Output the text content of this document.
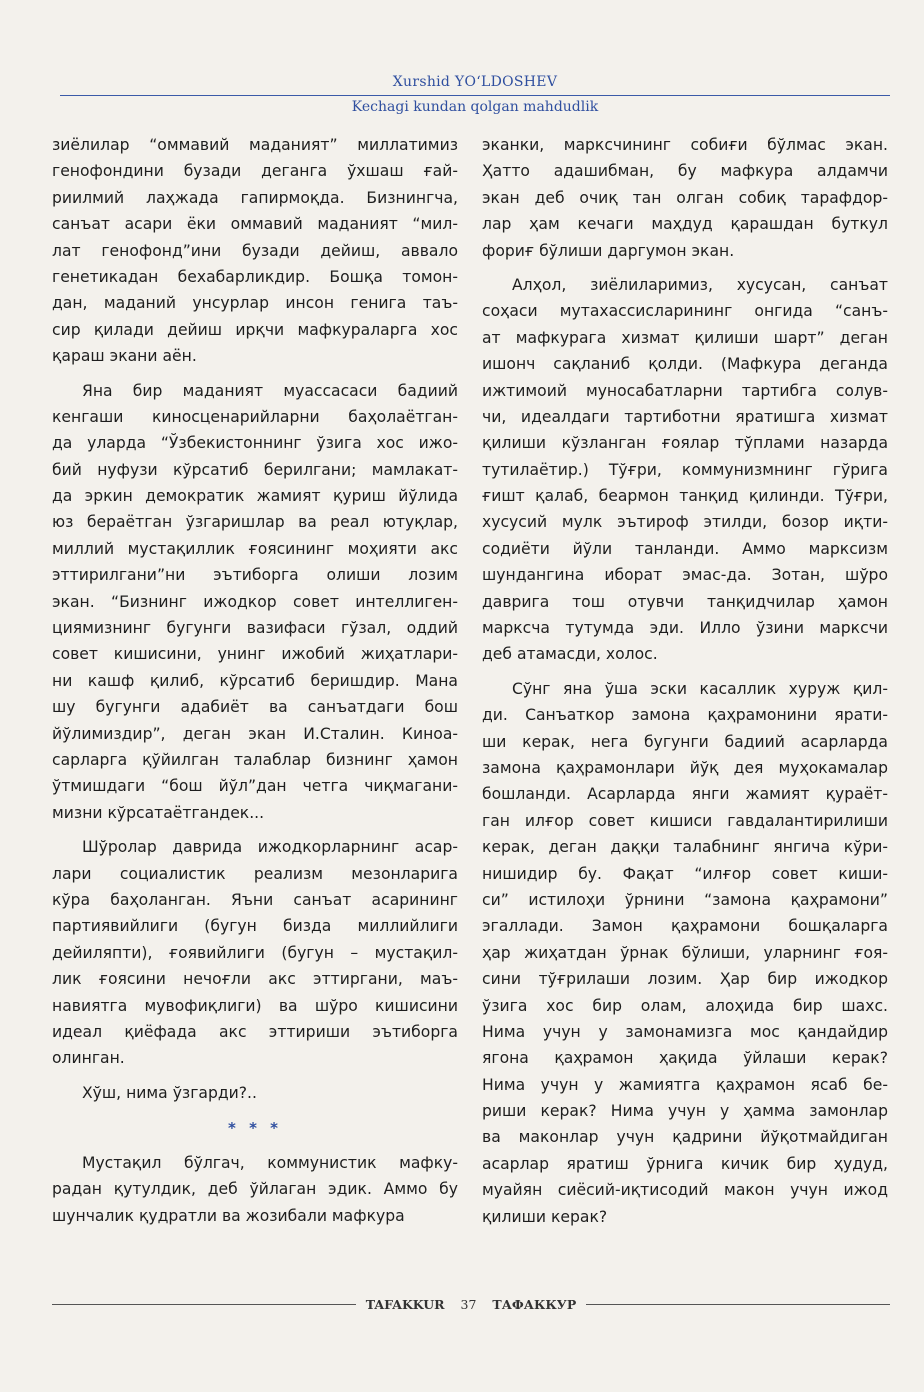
Xurshid YO‘LDOSHEV
Kechagi kundan qolgan mahdudlik
зиёлилар “оммавий маданият” миллатимиз
генофондини бузади деганга ўхшаш ғай-
риилмий лаҳжада гапирмоқда. Бизнингча,
санъат асари ёки оммавий маданият “мил-
лат генофонд”ини бузади дейиш, аввало
генетикадан бехабарликдир. Бошқа томон-
дан, маданий унсурлар инсон генига таъ-
сир қилади дейиш ирқчи мафкураларга хос
қараш экани аён.
Яна бир маданият муассасаси бадиий
кенгаши киносценарийларни баҳолаётган-
да уларда “Ўзбекистоннинг ўзига хос ижо-
бий нуфузи кўрсатиб берилгани; мамлакат-
да эркин демократик жамият қуриш йўлида
юз бераётган ўзгаришлар ва реал ютуқлар,
миллий мустақиллик ғоясининг моҳияти акс
эттирилгани”ни эътиборга олиши лозим
экан. “Бизнинг ижодкор совет интеллиген-
циямизнинг бугунги вазифаси гўзал, оддий
совет кишисини, унинг ижобий жиҳатлари-
ни кашф қилиб, кўрсатиб беришдир. Мана
шу бугунги адабиёт ва санъатдаги бош
йўлимиздир”, деган экан И.Сталин. Киноа-
сарларга қўйилган талаблар бизнинг ҳамон
ўтмишдаги “бош йўл”дан четга чиқмагани-
мизни кўрсатаётгандек...
Шўролар даврида ижодкорларнинг асар-
лари социалистик реализм мезонларига
кўра баҳоланган. Яъни санъат асарининг
партиявийлиги (бугун бизда миллийлиги
дейиляпти), ғоявийлиги (бугун – мустақил-
лик ғоясини нечоғли акс эттиргани, маъ-
навиятга мувофиқлиги) ва шўро кишисини
идеал қиёфада акс эттириши эътиборга
олинган.
Хўш, нима ўзгарди?..
* * *
Мустақил бўлгач, коммунистик мафку-
радан қутулдик, деб ўйлаган эдик. Аммо бу
шунчалик қудратли ва жозибали мафкура
эканки, марксчининг собиғи бўлмас экан.
Ҳатто адашибман, бу мафкура алдамчи
экан деб очиқ тан олган собиқ тарафдор-
лар ҳам кечаги маҳдуд қарашдан буткул
фориғ бўлиши даргумон экан.
Алҳол, зиёлиларимиз, хусусан, санъат
соҳаси мутахассисларининг онгида “санъ-
ат мафкурага хизмат қилиши шарт” деган
ишонч сақланиб қолди. (Мафкура деганда
ижтимоий муносабатларни тартибга солув-
чи, идеалдаги тартиботни яратишга хизмат
қилиши кўзланган ғоялар тўплами назарда
тутилаётир.) Тўғри, коммунизмнинг гўрига
ғишт қалаб, беармон танқид қилинди. Тўғри,
хусусий мулк эътироф этилди, бозор иқти-
содиёти йўли танланди. Аммо марксизм
шундангина иборат эмас-да. Зотан, шўро
даврига тош отувчи танқидчилар ҳамон
марксча тутумда эди. Илло ўзини марксчи
деб атамасди, холос.
Сўнг яна ўша эски касаллик хуруж қил-
ди. Санъаткор замона қаҳрамонини ярати-
ши керак, нега бугунги бадиий асарларда
замона қаҳрамонлари йўқ дея муҳокамалар
бошланди. Асарларда янги жамият қураёт-
ган илғор совет кишиси гавдалантирилиши
керак, деган даққи талабнинг янгича кўри-
нишидир бу. Фақат “илғор совет киши-
си” истилоҳи ўрнини “замона қаҳрамони”
эгаллади. Замон қаҳрамони бошқаларга
ҳар жиҳатдан ўрнак бўлиши, уларнинг ғоя-
сини тўғрилаши лозим. Ҳар бир ижодкор
ўзига хос бир олам, алоҳида бир шахс.
Нима учун у замонамизга мос қандайдир
ягона қаҳрамон ҳақида ўйлаши керак?
Нима учун у жамиятга қаҳрамон ясаб бе-
риши керак? Нима учун у ҳамма замонлар
ва маконлар учун қадрини йўқотмайдиган
асарлар яратиш ўрнига кичик бир ҳудуд,
муайян сиёсий-иқтисодий макон учун ижод
қилиши керак?
TAFAKKUR	37	ТАФАККУР
